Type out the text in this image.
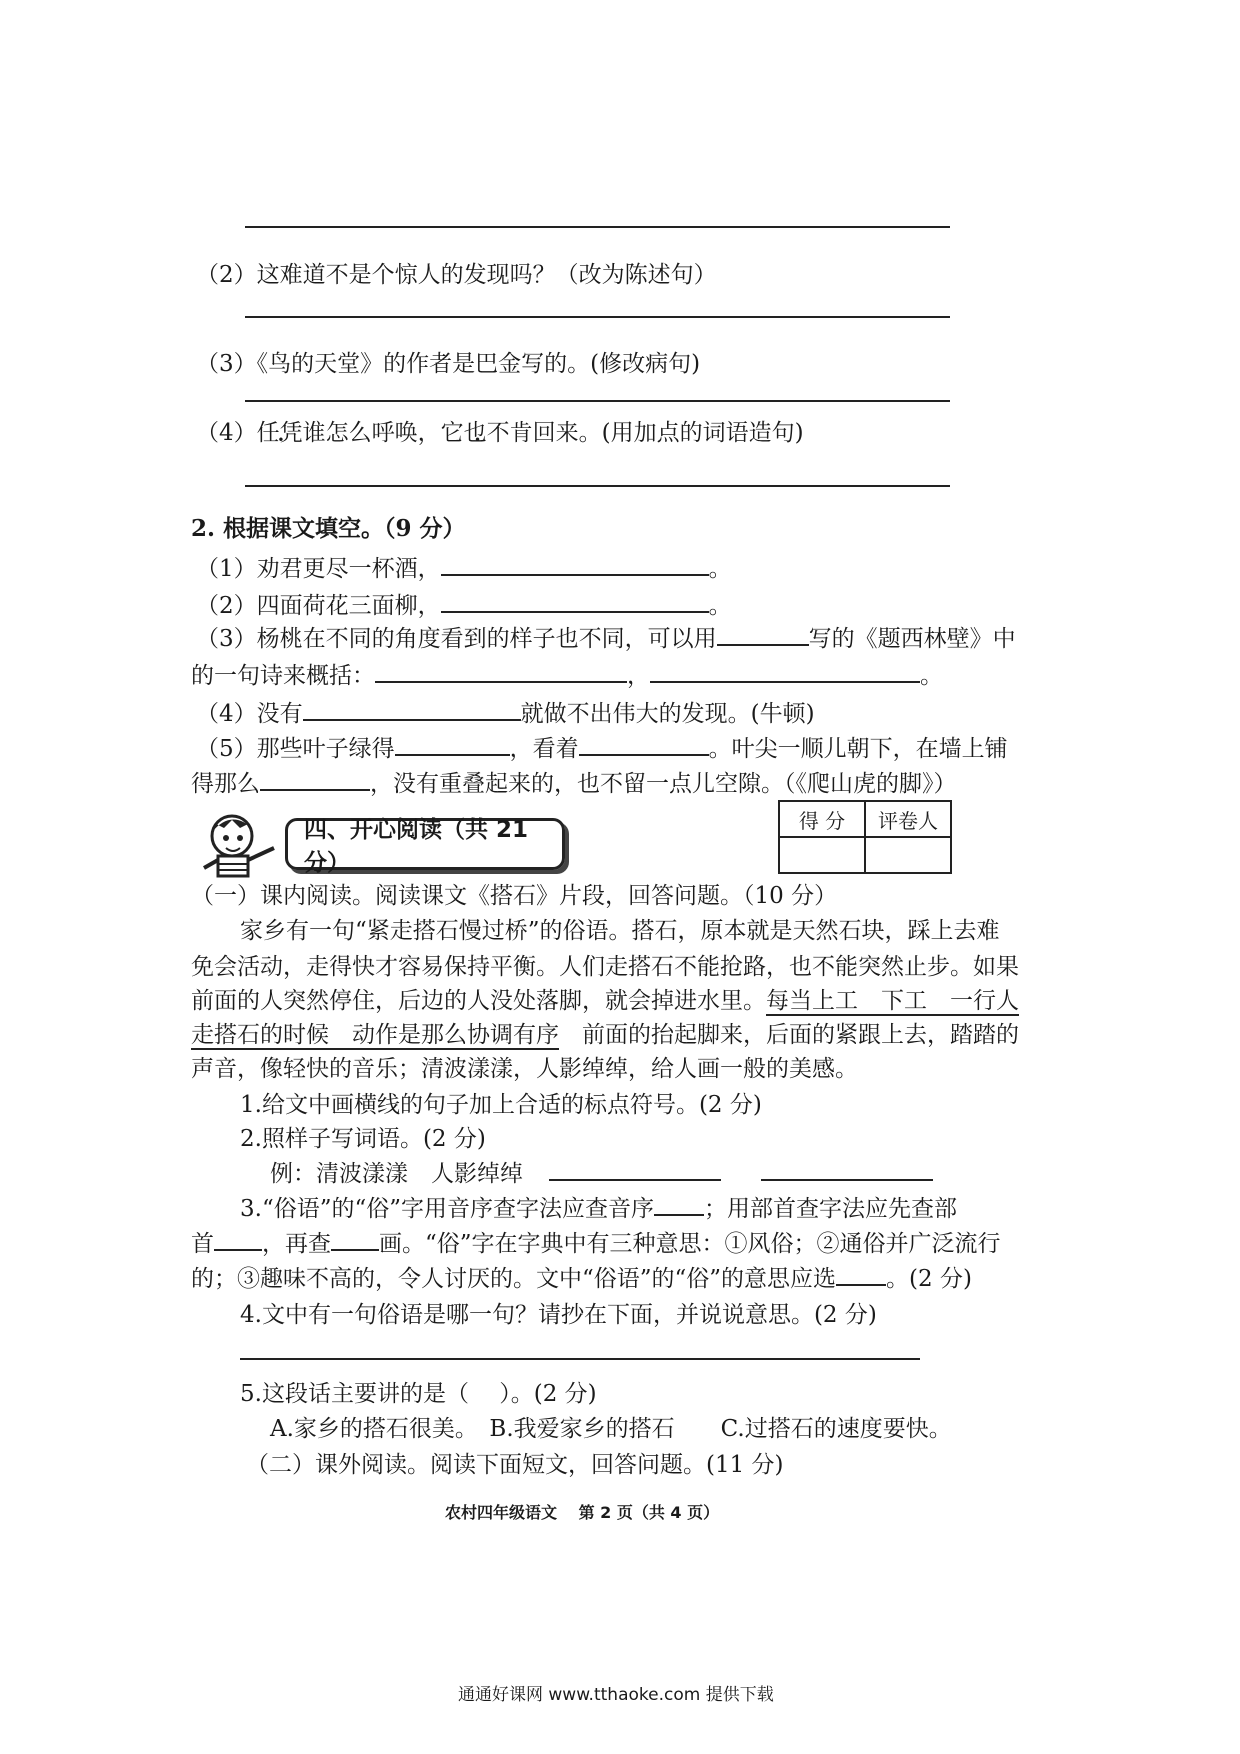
（2）这难道不是个惊人的发现吗？（改为陈述句）
（3）《鸟的天堂》的作者是巴金写的。(修改病句)
（4）任凭谁怎么呼唤，它也不肯回来。(用加点的词语造句)
2. 根据课文填空。（9 分）
（1）劝君更尽一杯酒，	。
（2）四面荷花三面柳，	。
（3）杨桃在不同的角度看到的样子也不同，可以用	写的《题西林壁》中
的一句诗来概括：	，	。
（4）没有	就做不出伟大的发现。(牛顿)
（5）那些叶子绿得	，看着	。叶尖一顺儿朝下，在墙上铺
得那么	，没有重叠起来的，也不留一点儿空隙。（《爬山虎的脚》）
四、开心阅读（共 21 分）
得 分	评卷人

（一）课内阅读。阅读课文《搭石》片段，回答问题。（10 分）
家乡有一句“紧走搭石慢过桥”的俗语。搭石，原本就是天然石块，踩上去难
免会活动，走得快才容易保持平衡。人们走搭石不能抢路，也不能突然止步。如果
前面的人突然停住，后边的人没处落脚，就会掉进水里。每当上工　下工　一行人
走搭石的时候　动作是那么协调有序　前面的抬起脚来，后面的紧跟上去，踏踏的
声音，像轻快的音乐；清波漾漾，人影绰绰，给人画一般的美感。
1.给文中画横线的句子加上合适的标点符号。(2 分)
2.照样子写词语。(2 分)
例：清波漾漾　人影绰绰
3.“俗语”的“俗”字用音序查字法应查音序 ；用部首查字法应先查部
首 ，再查 画。“俗”字在字典中有三种意思：①风俗；②通俗并广泛流行
的；③趣味不高的，令人讨厌的。文中“俗语”的“俗”的意思应选 。(2 分)
4.文中有一句俗语是哪一句？请抄在下面，并说说意思。(2 分)
5.这段话主要讲的是（　 ）。(2 分)
A.家乡的搭石很美。　B.我爱家乡的搭石　　C.过搭石的速度要快。
（二）课外阅读。阅读下面短文，回答问题。(11 分)
农村四年级语文　 第 2 页（共 4 页）
通通好课网 www.tthaoke.com 提供下载
